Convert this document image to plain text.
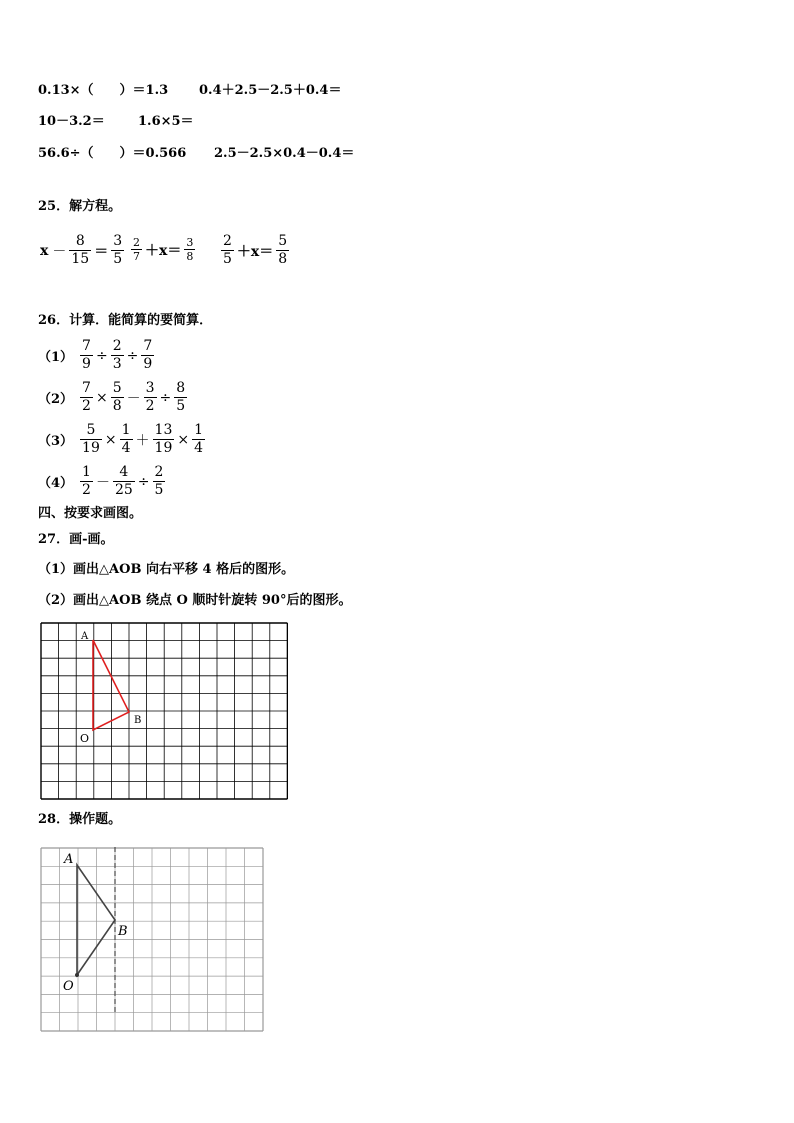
0.13×（　　）＝1.3 0.4＋2.5－2.5＋0.4＝
10－3.2＝	1.6×5＝
56.6÷（　　）＝0.566 2.5－2.5×0.4－0.4＝
25．解方程。
$x - \frac{8}{15} = \frac{3}{5} \frac{2}{7} +x= \frac{3}{8} \frac{2}{5} +x= \frac{5}{8}$
26．计算．能简算的要简算．
$(1) \frac{7}{9} \div \frac{2}{3} \div \frac{7}{9}$
$(2) \frac{7}{2} \times \frac{5}{8} - \frac{3}{2} \div \frac{8}{5}$
$(3) \frac{5}{19} \times \frac{1}{4} + \frac{13}{19} \times \frac{1}{4}$
$(4) \frac{1}{2} - \frac{4}{25} \div \frac{2}{5}$
四、按要求画图。
27．画-画。
（1）画出△AOB 向右平移 4 格后的图形。
（2）画出△AOB 绕点 O 顺时针旋转 90°后的图形。
A
B
O
28．操作题。
A
B
O
